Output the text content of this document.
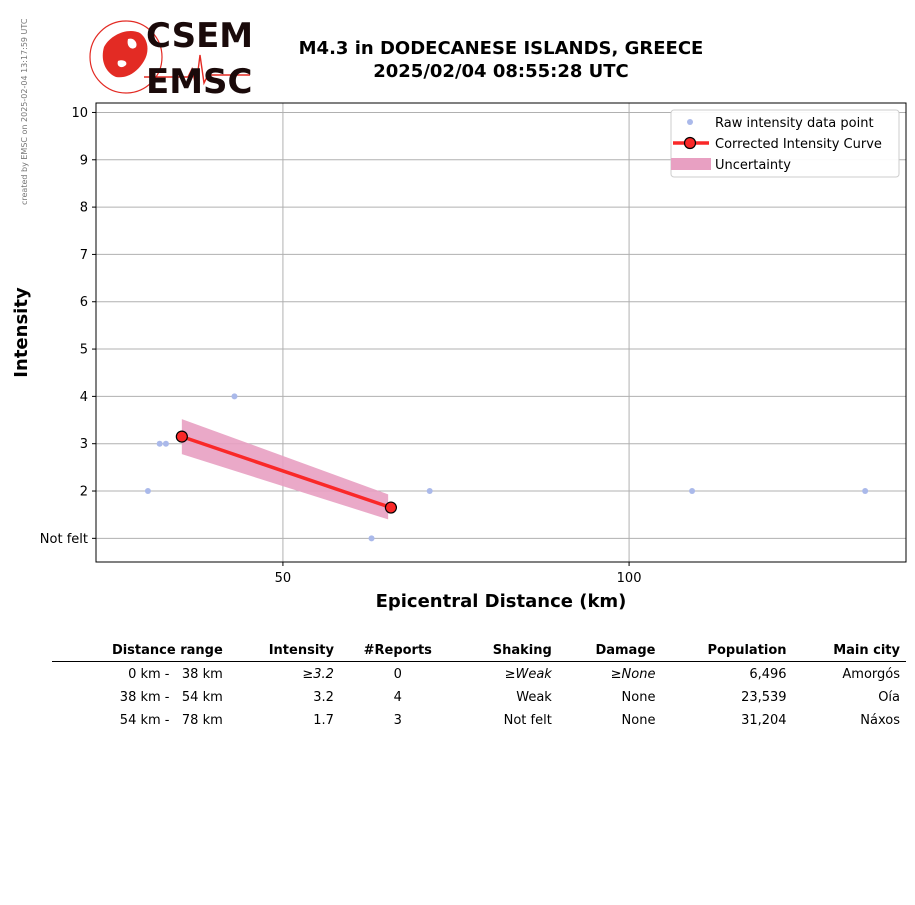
created by EMSC on 2025-02-04 13:17:59 UTC	CSEM
EMSC
M4.3 in DODECANESE ISLANDS, GREECE
2025/02/04 08:55:28 UTC
Not felt
2
3
4
5
6
7
8
9
10
50	100
Epicentral Distance (km)
Intensity
Raw intensity data point
Corrected Intensity Curve
Uncertainty
Distance range	Intensity	#Reports	Shaking	Damage	Population	Main city
0 km - 38 km	≥3.2	0	≥Weak	≥None	6,496	Amorgós
38 km - 54 km	3.2	4	Weak	None	23,539	Oía
54 km - 78 km	1.7	3	Not felt	None	31,204	Náxos
